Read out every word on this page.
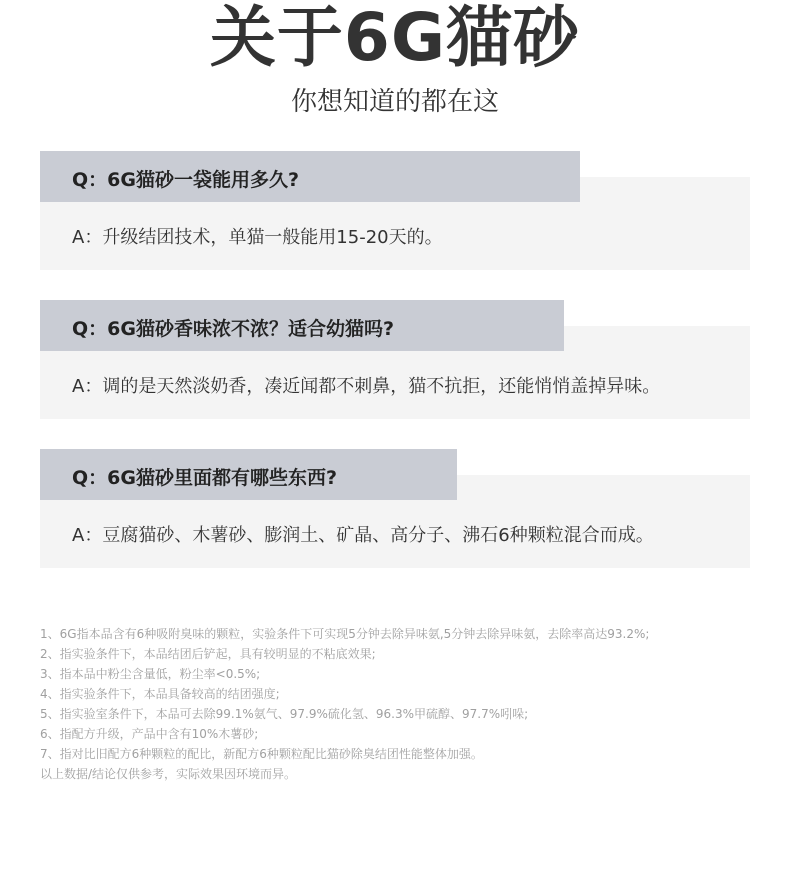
关于6G猫砂
你想知道的都在这
Q：6G猫砂一袋能用多久?
A：升级结团技术，单猫一般能用15-20天的。
Q：6G猫砂香味浓不浓？适合幼猫吗?
A：调的是天然淡奶香，凑近闻都不刺鼻，猫不抗拒，还能悄悄盖掉异味。
Q：6G猫砂里面都有哪些东西?
A：豆腐猫砂、木薯砂、膨润土、矿晶、高分子、沸石6种颗粒混合而成。
1、6G指本品含有6种吸附臭味的颗粒，实验条件下可实现5分钟去除异味氨,5分钟去除异味氨，去除率高达93.2%;
2、指实验条件下，本品结团后铲起，具有较明显的不粘底效果;
3、指本品中粉尘含量低，粉尘率<0.5%;
4、指实验条件下，本品具备较高的结团强度;
5、指实验室条件下，本品可去除99.1%氨气、97.9%硫化氢、96.3%甲硫醇、97.7%吲哚;
6、指配方升级，产品中含有10%木薯砂;
7、指对比旧配方6种颗粒的配比，新配方6种颗粒配比猫砂除臭结团性能整体加强。
以上数据/结论仅供参考，实际效果因环境而异。
